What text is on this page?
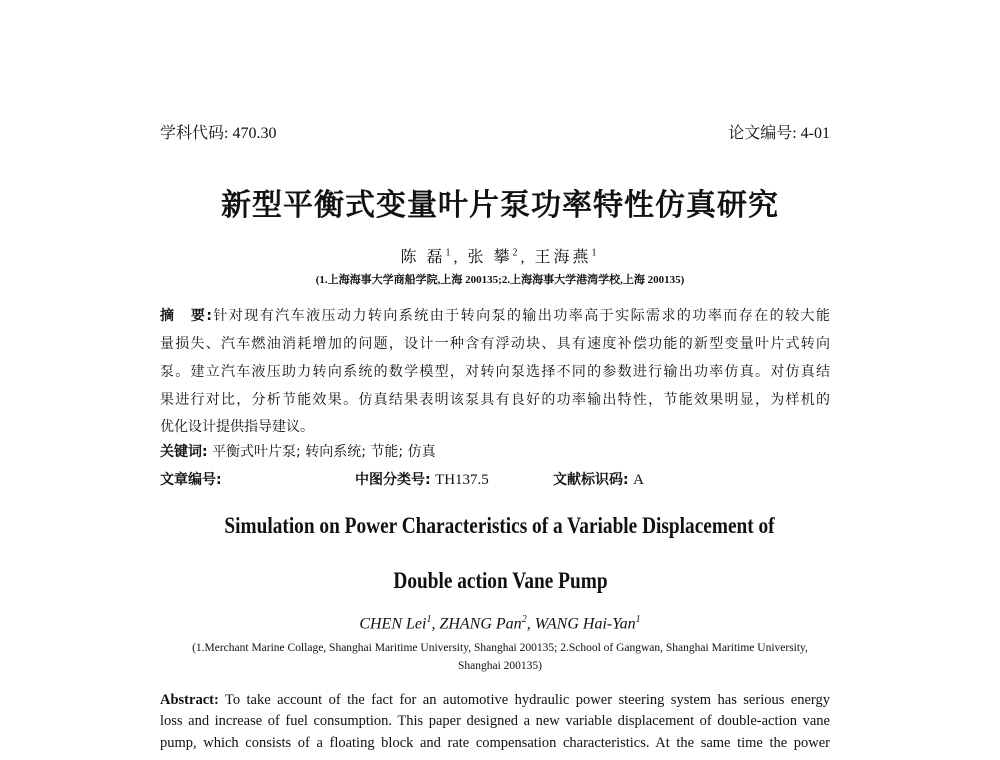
学科代码: 470.30	论文编号: 4-01
新型平衡式变量叶片泵功率特性仿真研究
陈 磊$^1$, 张 攀$^2$, 王海燕$^1$
(1.上海海事大学商船学院,上海 200135;2.上海海事大学港湾学校,上海 200135)
摘　要:针对现有汽车液压动力转向系统由于转向泵的输出功率高于实际需求的功率而存在的较大能
量损失、汽车燃油消耗增加的问题，设计一种含有浮动块、具有速度补偿功能的新型变量叶片式转向
泵。建立汽车液压助力转向系统的数学模型，对转向泵选择不同的参数进行输出功率仿真。对仿真结
果进行对比，分析节能效果。仿真结果表明该泵具有良好的功率输出特性，节能效果明显，为样机的
优化设计提供指导建议。
关键词: 平衡式叶片泵; 转向系统; 节能; 仿真
文章编号:	中图分类号: TH137.5	文献标识码: A
Simulation on Power Characteristics of a Variable Displacement of
Double action Vane Pump
CHEN Lei$^1$, ZHANG Pan$^2$, WANG Hai-Yan$^1$
(1.Merchant Marine Collage, Shanghai Maritime University, Shanghai 200135; 2.School of Gangwan, Shanghai Maritime University,
Shanghai 200135)
Abstract: To take account of the fact for an automotive hydraulic power steering system has serious energy
loss and increase of fuel consumption. This paper designed a new variable displacement of double-action vane
pump, which consists of a floating block and rate compensation characteristics. At the same time the power
